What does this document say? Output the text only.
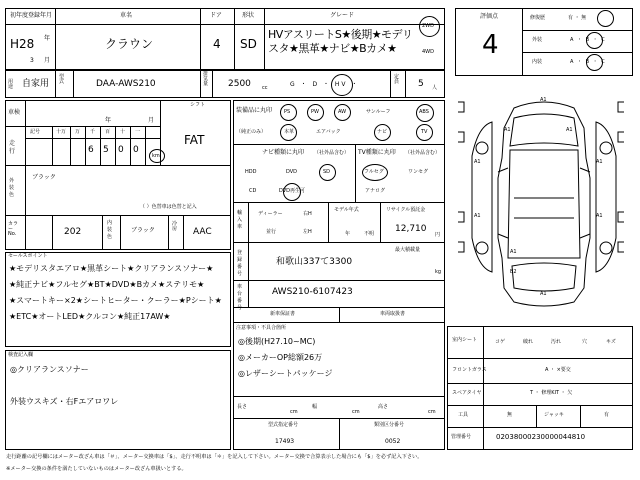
初年度登録年月	車名	ドア	形状	グレード
H28 年
3 月
クラウン	4 SD
HVアスリートS★後期★モデリスタ★黒革★ナビ★Bカメ★
2WD
4WD
用途 自家用
型式	DAA-AWS210
排気量 2500 cc	G ・ D ・ HV ・
定員 5 人
車検
年	月
走行
記号	十万 万 千 百 十 一
6 5 0 0
km
シフト
FAT
外装色
ブラック
（ ）色替車は色替と記入
カラーNo.	202
内装色
ブラック
冷房 AAC
セールスポイント
★モデリスタエアロ★黒革シート★クリアランスソナー★
★純正ナビ★フルセグ★BT★DVD★Bカメ★ステリモ★
★スマートキー×2★シートヒーター・クーラー★Pシート★
★ETC★オートLED★クルコン★純正17AW★
検査記入欄
◎クリアランスソナー
外装ウスキズ・右Fエアロワレ
装備品に丸印
（純正のみ）
PS	PW	AW	サンルーフ	ABS
本革	エアバック	ナビ	TV
ナビ種類に丸印 （社外品含む）
HDD	DVD	SD
CD	DVD再生可
TV種類に丸印 （社外品含む）
フルセグ	ワンセグ
アナログ
輸入車
ディーラー	右H
並行	左H
モデル年式
年	不明
リサイクル預託金
12,710
円
登録番号
最大積載量
和歌山337て3300
kg
車台番号
AWS210-6107423
新車保証書	車両取扱書
注意事項・不具合箇所
◎後期(H27.10~MC)
◎メーカーOP総額26万
◎レザーシートパッケージ
長さ
cm
幅
cm
高さ
cm
型式指定番号
17493
類別区分番号
0052
評価点
4
修復歴	有 ・ 無
外装	A ・ B ・ C
内装	A ・ B ・ C
A1
A1	A1
A1	A1
A1	A1
A1
A1
B2
室内シート	コゲ	破れ	汚れ	穴	キズ
フロントガラス	A ・ ×要交
スペアタイヤ	T ・ 修理KIT ・ 欠
工具	無	ジャッキ	有
管理番号	02038000230000044810
走行距離の記号欄にはメーター改ざん車は「＃」、メーター交換車は「$」、走行不明車は「＊」を記入して下さい。メーター交換で合算表示した場合にも「$」を必ず記入下さい。
※メーター交換の条件を満たしていないものはメーター改ざん車扱いとする。
